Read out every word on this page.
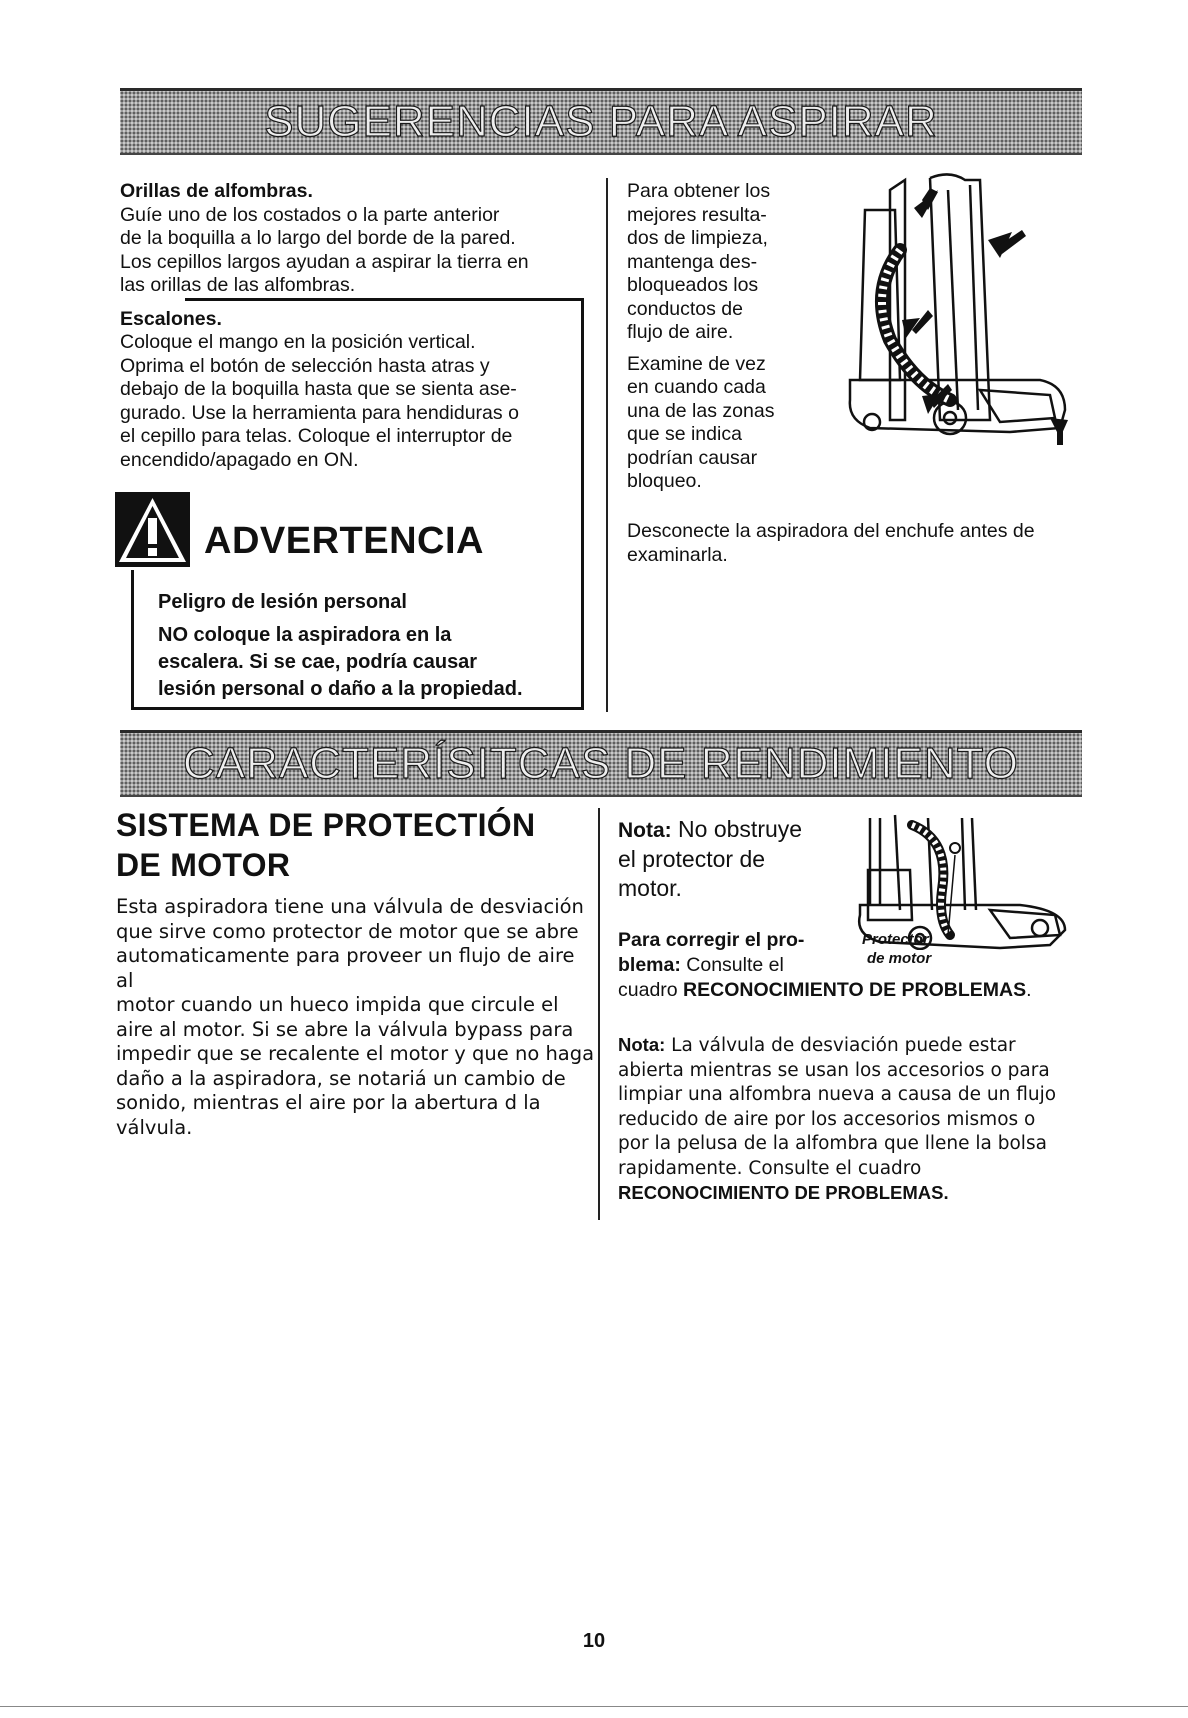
SUGERENCIAS PARA ASPIRAR

Orillas de alfombras.

Guíe uno de los costados o la parte anterior

de la boquilla a lo largo del borde de la pared.

Los cepillos largos ayudan a aspirar la tierra en

las orillas de las alfombras.

Escalones.

Coloque el mango en la posición vertical.

Oprima el botón de selección hasta atras y

debajo de la boquilla hasta que se sienta ase-

gurado. Use la herramienta para hendiduras o

el cepillo para telas. Coloque el interruptor de

encendido/apagado en ON.

ADVERTENCIA

Peligro de lesión personal

NO coloque la aspiradora en la

escalera. Si se cae, podría causar

lesión personal o daño a la propiedad.

Para obtener los

mejores resulta-

dos de limpieza,

mantenga des-

bloqueados los

conductos de

flujo de aire.

Examine de vez

en cuando cada

una de las zonas

que se indica

podrían causar

bloqueo.

Desconecte la aspiradora del enchufe antes de

examinarla.

CARACTERÍSITCAS DE RENDIMIENTO
SISTEMA DE PROTECTIÓN
DE MOTOR
Esta aspiradora tiene una válvula de desviación
que sirve como protector de motor que se abre
automaticamente para proveer un flujo de aire al
motor cuando un hueco impida que circule el
aire al motor. Si se abre la válvula bypass para
impedir que se recalente el motor y que no haga
daño a la aspiradora, se notariá un cambio de
sonido, mientras el aire por la abertura d la
válvula.
Nota: No obstruye
el protector de
motor.
Protector
de motor
Para corregir el pro-
blema: Consulte el
cuadro RECONOCIMIENTO DE PROBLEMAS.
Nota: La válvula de desviación puede estar
abierta mientras se usan los accesorios o para
limpiar una alfombra nueva a causa de un flujo
reducido de aire por los accesorios mismos o
por la pelusa de la alfombra que llene la bolsa
rapidamente. Consulte el cuadro
RECONOCIMIENTO DE PROBLEMAS.
10
